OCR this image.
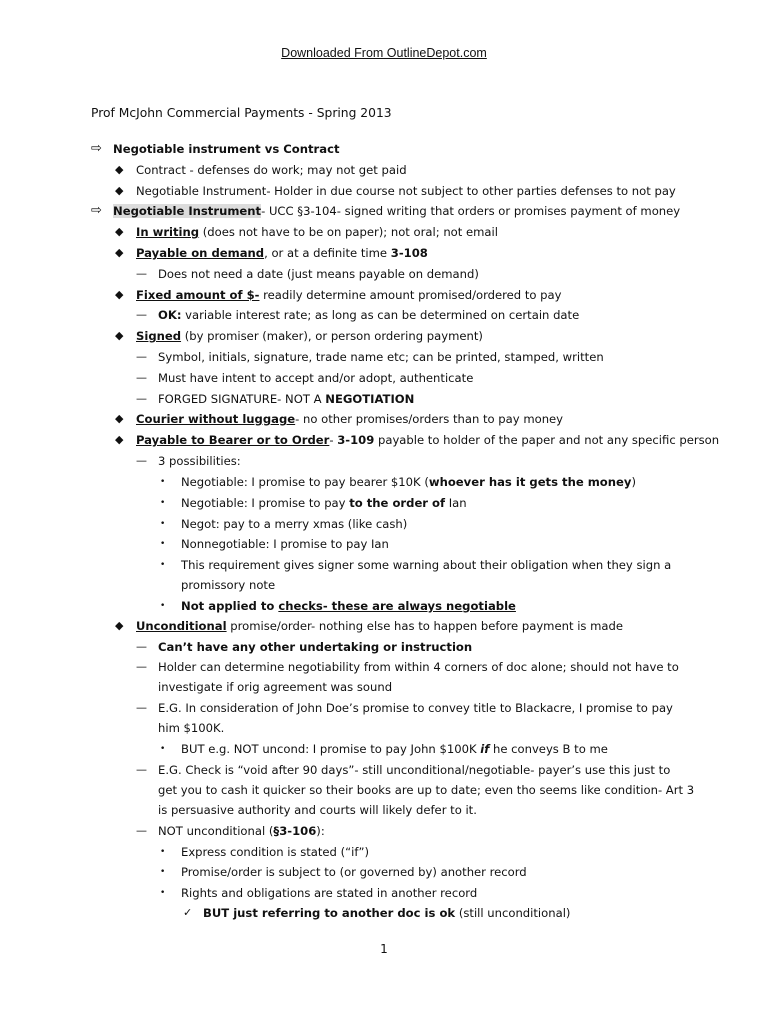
Downloaded From OutlineDepot.com
Prof McJohn Commercial Payments - Spring 2013
⇨ Negotiable instrument vs Contract
◆ Contract - defenses do work; may not get paid
◆ Negotiable Instrument- Holder in due course not subject to other parties defenses to not pay
⇨ Negotiable Instrument- UCC §3-104- signed writing that orders or promises payment of money
◆ In writing (does not have to be on paper); not oral; not email
◆ Payable on demand, or at a definite time 3-108
— Does not need a date (just means payable on demand)
◆ Fixed amount of $- readily determine amount promised/ordered to pay
— OK: variable interest rate; as long as can be determined on certain date
◆ Signed (by promiser (maker), or person ordering payment)
— Symbol, initials, signature, trade name etc; can be printed, stamped, written
— Must have intent to accept and/or adopt, authenticate
— FORGED SIGNATURE- NOT A NEGOTIATION
◆ Courier without luggage- no other promises/orders than to pay money
◆ Payable to Bearer or to Order- 3-109 payable to holder of the paper and not any specific person
— 3 possibilities:
• Negotiable: I promise to pay bearer $10K (whoever has it gets the money)
• Negotiable: I promise to pay to the order of Ian
• Negot: pay to a merry xmas (like cash)
• Nonnegotiable: I promise to pay Ian
• This requirement gives signer some warning about their obligation when they sign a
promissory note
• Not applied to checks- these are always negotiable
◆ Unconditional promise/order- nothing else has to happen before payment is made
— Can’t have any other undertaking or instruction
— Holder can determine negotiability from within 4 corners of doc alone; should not have to
investigate if orig agreement was sound
— E.G. In consideration of John Doe’s promise to convey title to Blackacre, I promise to pay
him $100K.
• BUT e.g. NOT uncond: I promise to pay John $100K if he conveys B to me
— E.G. Check is “void after 90 days”- still unconditional/negotiable- payer’s use this just to
get you to cash it quicker so their books are up to date; even tho seems like condition- Art 3
is persuasive authority and courts will likely defer to it.
— NOT unconditional (§3-106):
• Express condition is stated (“if”)
• Promise/order is subject to (or governed by) another record
• Rights and obligations are stated in another record
✓ BUT just referring to another doc is ok (still unconditional)
1
